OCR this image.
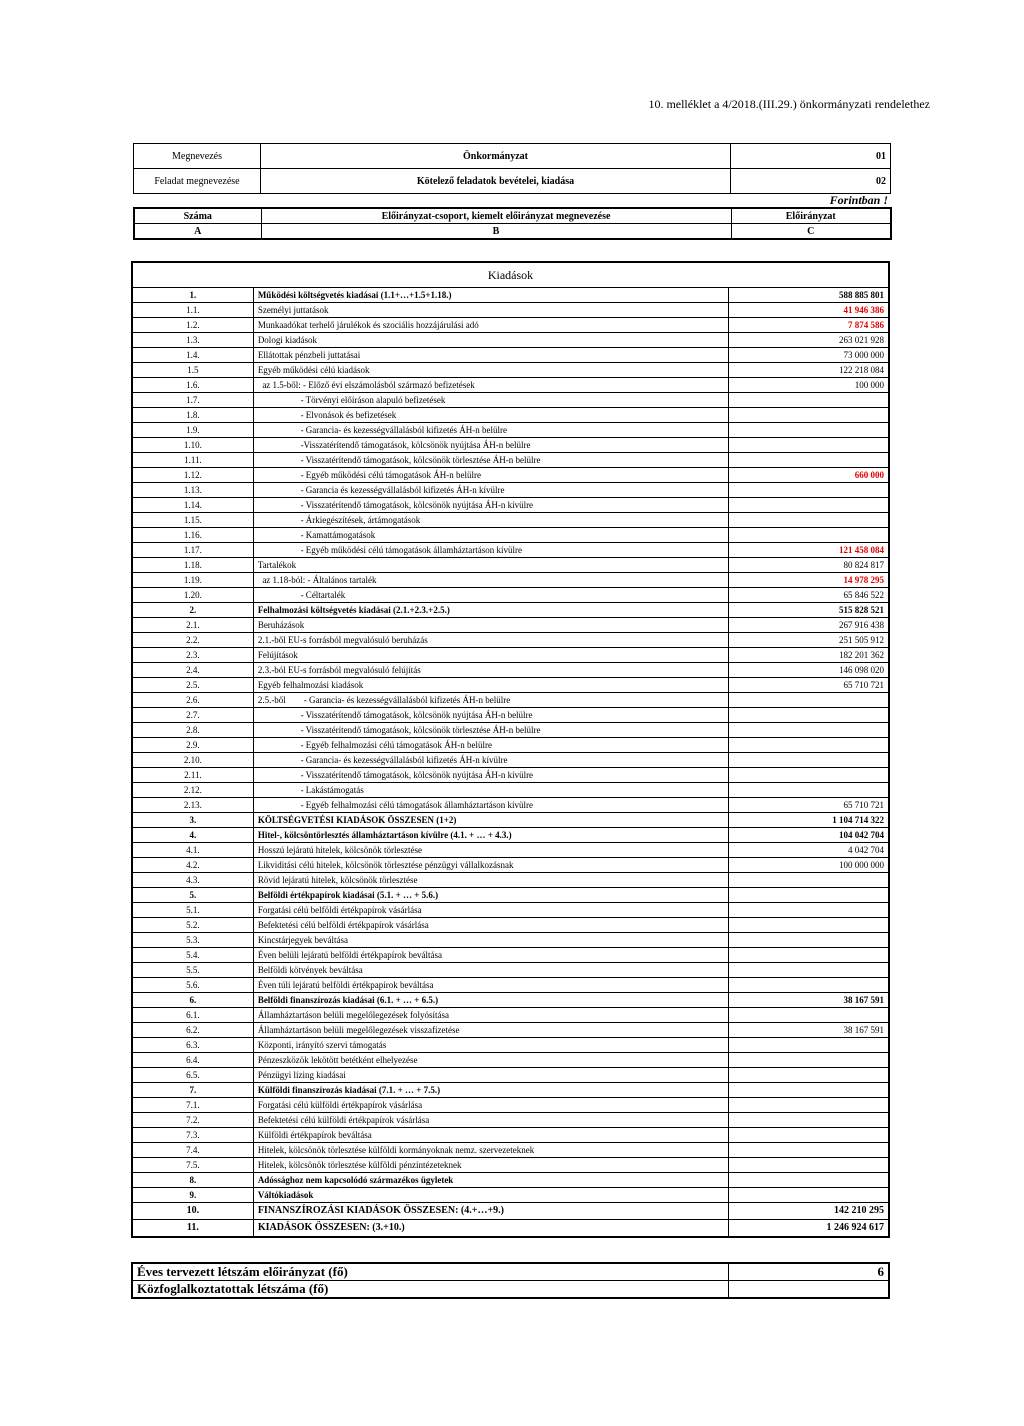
10. melléklet a 4/2018.(III.29.) önkormányzati rendelethez
Megnevezés	Önkormányzat	01
Feladat megnevezése	Kötelező feladatok bevételei, kiadása	02
Forintban !
Száma	Előirányzat-csoport, kiemelt előirányzat megnevezése	Előirányzat
A	B	C
Kiadások		
1.	Működési költségvetés kiadásai (1.1+…+1.5+1.18.)	588 885 801
1.1.	Személyi juttatások	41 946 386
1.2.	Munkaadókat terhelő járulékok és szociális hozzájárulási adó	7 874 586
1.3.	Dologi kiadások	263 021 928
1.4.	Ellátottak pénzbeli juttatásai	73 000 000
1.5	Egyéb működési célú kiadások	122 218 084
1.6.	az 1.5-ből: - Előző évi elszámolásból származó befizetések	100 000
1.7.	- Törvényi előíráson alapuló befizetések	
1.8.	- Elvonások és befizetések	
1.9.	- Garancia- és kezességvállalásból kifizetés ÁH-n belülre	
1.10.	-Visszatérítendő támogatások, kölcsönök nyújtása ÁH-n belülre	
1.11.	- Visszatérítendő támogatások, kölcsönök törlesztése ÁH-n belülre	
1.12.	- Egyéb működési célú támogatások ÁH-n belülre	660 000
1.13.	- Garancia és kezességvállalásból kifizetés ÁH-n kívülre	
1.14.	- Visszatérítendő támogatások, kölcsönök nyújtása ÁH-n kívülre	
1.15.	- Árkiegészítések, ártámogatások	
1.16.	- Kamattámogatások	
1.17.	- Egyéb működési célú támogatások államháztartáson kívülre	121 458 084
1.18.	Tartalékok	80 824 817
1.19.	az 1.18-ból: - Általános tartalék	14 978 295
1.20.	- Céltartalék	65 846 522
2.	Felhalmozási költségvetés kiadásai (2.1.+2.3.+2.5.)	515 828 521
2.1.	Beruházások	267 916 438
2.2.	2.1.-ből EU-s forrásból megvalósuló beruházás	251 505 912
2.3.	Felújítások	182 201 362
2.4.	2.3.-ból EU-s forrásból megvalósuló felújítás	146 098 020
2.5.	Egyéb felhalmozási kiadások	65 710 721
2.6.	2.5.-ből        - Garancia- és kezességvállalásból kifizetés ÁH-n belülre	
2.7.	- Visszatérítendő támogatások, kölcsönök nyújtása ÁH-n belülre	
2.8.	- Visszatérítendő támogatások, kölcsönök törlesztése ÁH-n belülre	
2.9.	- Egyéb felhalmozási célú támogatások ÁH-n belülre	
2.10.	- Garancia- és kezességvállalásból kifizetés ÁH-n kívülre	
2.11.	- Visszatérítendő támogatások, kölcsönök nyújtása ÁH-n kívülre	
2.12.	- Lakástámogatás	
2.13.	- Egyéb felhalmozási célú támogatások államháztartáson kívülre	65 710 721
3.	KÖLTSÉGVETÉSI KIADÁSOK ÖSSZESEN (1+2)	1 104 714 322
4.	Hitel-, kölcsöntörlesztés államháztartáson kívülre (4.1. + … + 4.3.)	104 042 704
4.1.	Hosszú lejáratú hitelek, kölcsönök törlesztése	4 042 704
4.2.	Likviditási célú hitelek, kölcsönök törlesztése pénzügyi vállalkozásnak	100 000 000
4.3.	Rövid lejáratú hitelek, kölcsönök törlesztése	
5.	Belföldi értékpapírok kiadásai (5.1. + … + 5.6.)	
5.1.	Forgatási célú belföldi értékpapírok vásárlása	
5.2.	Befektetési célú belföldi értékpapírok vásárlása	
5.3.	Kincstárjegyek beváltása	
5.4.	Éven belüli lejáratú belföldi értékpapírok beváltása	
5.5.	Belföldi kötvények beváltása	
5.6.	Éven túli lejáratú belföldi értékpapírok beváltása	
6.	Belföldi finanszírozás kiadásai (6.1. + … + 6.5.)	38 167 591
6.1.	Államháztartáson belüli megelőlegezések folyósítása	
6.2.	Államháztartáson belüli megelőlegezések visszafizetése	38 167 591
6.3.	Központi, irányító szervi támogatás	
6.4.	Pénzeszközök lekötött betétként elhelyezése	
6.5.	Pénzügyi lízing kiadásai	
7.	Külföldi finanszírozás kiadásai (7.1. + … + 7.5.)	
7.1.	Forgatási célú külföldi értékpapírok vásárlása	
7.2.	Befektetési célú külföldi értékpapírok vásárlása	
7.3.	Külföldi értékpapírok beváltása	
7.4.	Hitelek, kölcsönök törlesztése külföldi kormányoknak nemz. szervezeteknek	
7.5.	Hitelek, kölcsönök törlesztése külföldi pénzintézeteknek	
8.	Adóssághoz nem kapcsolódó származékos ügyletek	
9.	Váltókiadások	
10.	FINANSZÍROZÁSI KIADÁSOK ÖSSZESEN: (4.+…+9.)	142 210 295
11.	KIADÁSOK ÖSSZESEN: (3.+10.)	1 246 924 617
Éves tervezett létszám előirányzat (fő)	6
Közfoglalkoztatottak létszáma (fő)	
